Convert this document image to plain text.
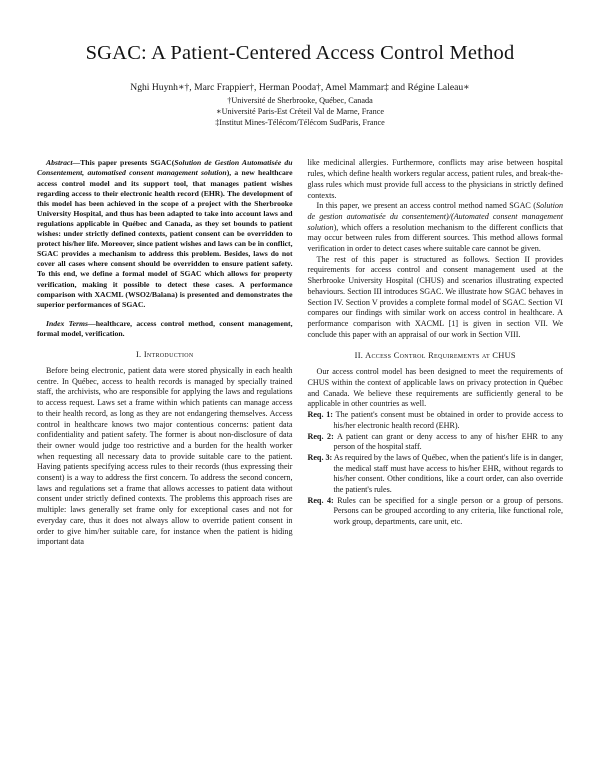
SGAC: A Patient-Centered Access Control Method
Nghi Huynh∗†, Marc Frappier†, Herman Pooda†, Amel Mammar‡ and Régine Laleau∗
†Université de Sherbrooke, Québec, Canada
∗Université Paris-Est Créteil Val de Marne, France
‡Institut Mines-Télécom/Télécom SudParis, France

Abstract—This paper presents SGAC(Solution de Gestion Automatisée du Consentement, automatised consent management solution), a new healthcare access control model and its support tool, that manages patient wishes regarding access to their electronic health record (EHR). The development of this model has been achieved in the scope of a project with the Sherbrooke University Hospital, and thus has been adapted to take into account laws and regulations applicable in Québec and Canada, as they set bounds to patient wishes: under strictly defined contexts, patient consent can be overridden to protect his/her life. Moreover, since patient wishes and laws can be in conflict, SGAC provides a mechanism to address this problem. Besides, laws do not cover all cases where consent should be overridden to ensure patient safety. To this end, we define a formal model of SGAC which allows for property verification, making it possible to detect these cases. A performance comparison with XACML (WSO2/Balana) is presented and demonstrates the superior performances of SGAC.

Index Terms—healthcare, access control method, consent management, formal model, verification.

I. Introduction

Before being electronic, patient data were stored physically in each health centre. In Québec, access to health records is managed by specially trained staff, the archivists, who are responsible for applying the laws and regulations to access request. Laws set a frame within which patients can manage access to their health record, as long as they are not endangering themselves. Access control in healthcare knows two major contentious concerns: patient data confidentiality and patient safety. The former is about non-disclosure of data their owner would judge too restrictive and a burden for the health worker when requesting all necessary data to provide suitable care to the patient. Having patients specifying access rules to their records (thus expressing their consent) is a way to address the first concern. To address the second concern, laws and regulations set a frame that allows accesses to patient data without consent under strictly defined contexts. The problems this approach rises are multiple: laws generally set frame only for exceptional cases and not for everyday care, thus it does not always allow to override patient consent in order to give him/her suitable care, for instance when the patient is hiding important data

like medicinal allergies. Furthermore, conflicts may arise between hospital rules, which define health workers regular access, patient rules, and break-the-glass rules which must provide full access to the physicians in strictly defined contexts.

In this paper, we present an access control method named SGAC (Solution de gestion automatisée du consentement)/(Automated consent management solution), which offers a resolution mechanism to the different conflicts that may occur between rules from different sources. This method allows formal verification in order to detect cases where suitable care cannot be given.

The rest of this paper is structured as follows. Section II provides requirements for access control and consent management used at the Sherbrooke University Hospital (CHUS) and scenarios illustrating expected behaviours. Section III introduces SGAC. We illustrate how SGAC behaves in Section IV. Section V provides a complete formal model of SGAC. Section VI compares our findings with similar work on access control in healthcare. A performance comparison with XACML [1] is given in section VII. We conclude this paper with an appraisal of our work in Section VIII.

II. Access Control Requirements at CHUS

Our access control model has been designed to meet the requirements of CHUS within the context of applicable laws on privacy protection in Québec and Canada. We believe these requirements are sufficiently general to be applicable in other countries as well.

Req. 1: The patient's consent must be obtained in order to provide access to his/her electronic health record (EHR).
Req. 2: A patient can grant or deny access to any of his/her EHR to any person of the hospital staff.
Req. 3: As required by the laws of Québec, when the patient's life is in danger, the medical staff must have access to his/her EHR, without regards to his/her consent. Other conditions, like a court order, can also override the patient's rules.
Req. 4: Rules can be specified for a single person or a group of persons. Persons can be grouped according to any criteria, like functional role, work group, departments, care unit, etc.
